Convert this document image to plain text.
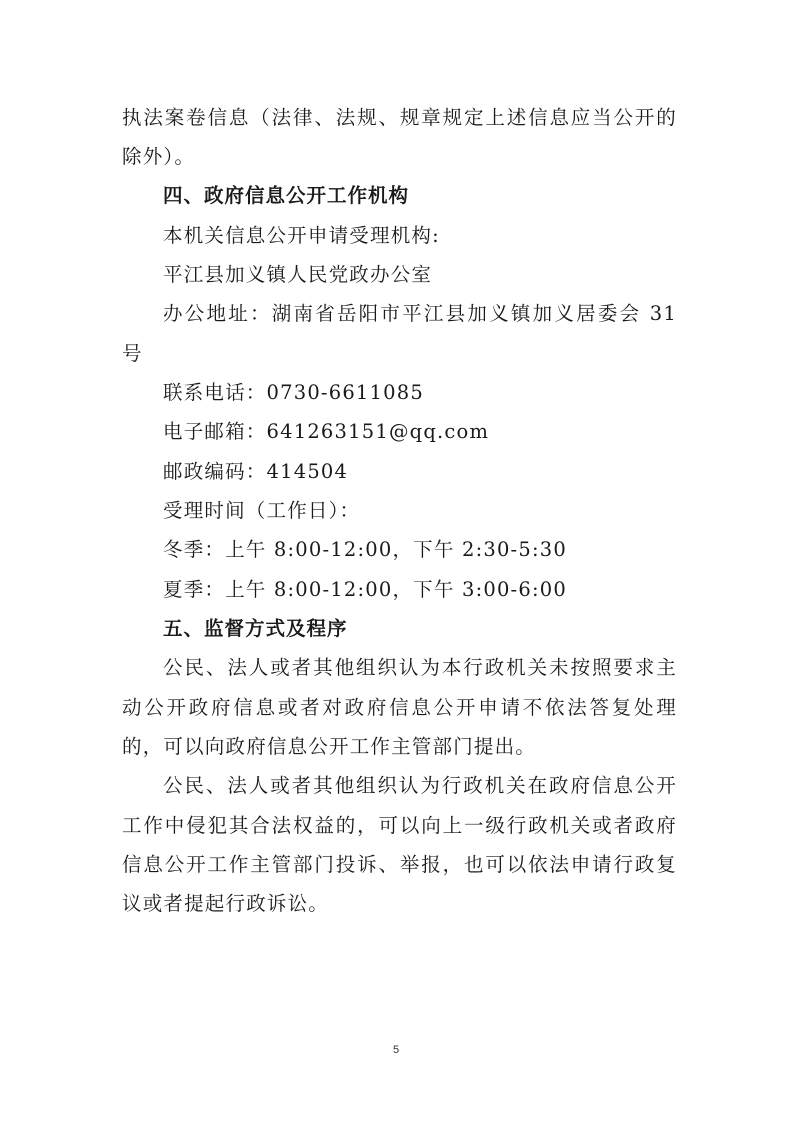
执法案卷信息（法律、法规、规章规定上述信息应当公开的
除外）。
四、政府信息公开工作机构
本机关信息公开申请受理机构:
平江县加义镇人民党政办公室
办公地址：湖南省岳阳市平江县加义镇加义居委会 31
号
联系电话：0730-6611085
电子邮箱：641263151@qq.com
邮政编码：414504
受理时间（工作日）：
冬季：上午 8:00-12:00，下午 2:30-5:30
夏季：上午 8:00-12:00，下午 3:00-6:00
五、监督方式及程序
公民、法人或者其他组织认为本行政机关未按照要求主
动公开政府信息或者对政府信息公开申请不依法答复处理
的，可以向政府信息公开工作主管部门提出。
公民、法人或者其他组织认为行政机关在政府信息公开
工作中侵犯其合法权益的，可以向上一级行政机关或者政府
信息公开工作主管部门投诉、举报，也可以依法申请行政复
议或者提起行政诉讼。
5
